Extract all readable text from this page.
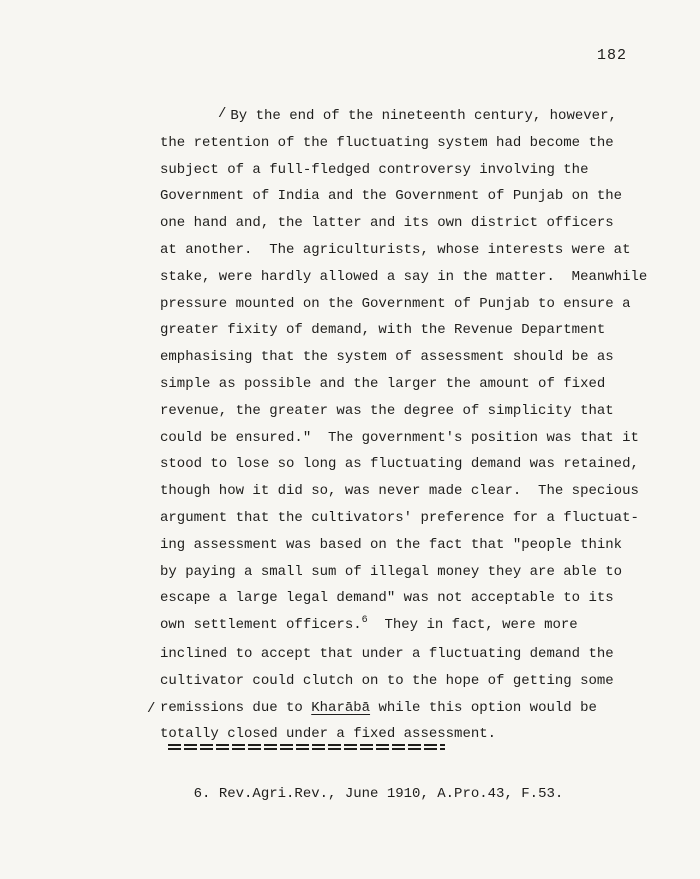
182
/ By the end of the nineteenth century, however,
the retention of the fluctuating system had become the
subject of a full-fledged controversy involving the
Government of India and the Government of Punjab on the
one hand and, the latter and its own district officers
at another.  The agriculturists, whose interests were at
stake, were hardly allowed a say in the matter.  Meanwhile
pressure mounted on the Government of Punjab to ensure a
greater fixity of demand, with the Revenue Department
emphasising that the system of assessment should be as
simple as possible and the larger the amount of fixed
revenue, the greater was the degree of simplicity that
could be ensured."  The government's position was that it
stood to lose so long as fluctuating demand was retained,
though how it did so, was never made clear.  The specious
argument that the cultivators' preference for a fluctuat-
ing assessment was based on the fact that "people think
by paying a small sum of illegal money they are able to
escape a large legal demand" was not acceptable to its
own settlement officers.$^6$  They in fact, were more
inclined to accept that under a fluctuating demand the
cultivator could clutch on to the hope of getting some
/ remissions due to Kharābā while this option would be
totally closed under a fixed assessment.

6. Rev.Agri.Rev., June 1910, A.Pro.43, F.53.
